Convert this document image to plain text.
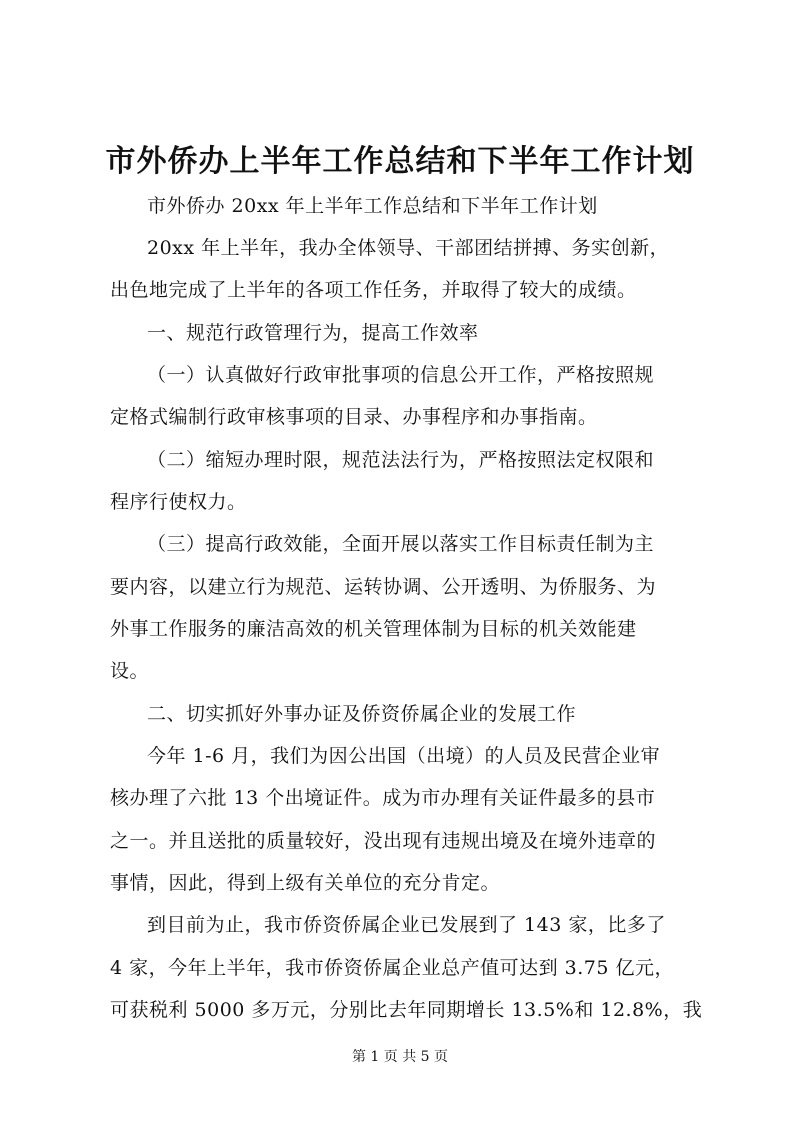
市外侨办上半年工作总结和下半年工作计划
市外侨办 20xx 年上半年工作总结和下半年工作计划
20xx 年上半年，我办全体领导、干部团结拼搏、务实创新，
出色地完成了上半年的各项工作任务，并取得了较大的成绩。
一、规范行政管理行为，提高工作效率
（一）认真做好行政审批事项的信息公开工作，严格按照规
定格式编制行政审核事项的目录、办事程序和办事指南。
（二）缩短办理时限，规范法法行为，严格按照法定权限和
程序行使权力。
（三）提高行政效能，全面开展以落实工作目标责任制为主
要内容，以建立行为规范、运转协调、公开透明、为侨服务、为
外事工作服务的廉洁高效的机关管理体制为目标的机关效能建
设。
二、切实抓好外事办证及侨资侨属企业的发展工作
今年 1-6 月，我们为因公出国（出境）的人员及民营企业审
核办理了六批 13 个出境证件。成为市办理有关证件最多的县市
之一。并且送批的质量较好，没出现有违规出境及在境外违章的
事情，因此，得到上级有关单位的充分肯定。
到目前为止，我市侨资侨属企业已发展到了 143 家，比多了
4 家，今年上半年，我市侨资侨属企业总产值可达到 3.75 亿元，
可获税利 5000 多万元，分别比去年同期增长 13.5%和 12.8%，我
第 1 页 共 5 页
